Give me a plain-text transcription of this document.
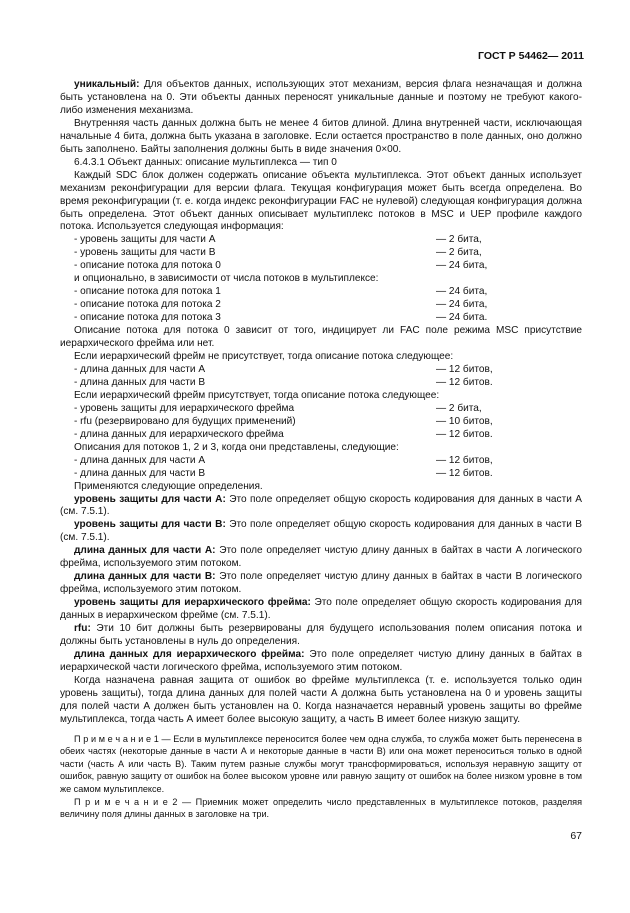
ГОСТ Р 54462— 2011

уникальный: Для объектов данных, использующих этот механизм, версия флага незначащая и должна быть установлена на 0. Эти объекты данных переносят уникальные данные и поэтому не требуют какого-либо изменения механизма.

Внутренняя часть данных должна быть не менее 4 битов длиной. Длина внутренней части, исключающая начальные 4 бита, должна быть указана в заголовке. Если остается пространство в поле данных, оно должно быть заполнено. Байты заполнения должны быть в виде значения 0×00.

6.4.3.1 Объект данных: описание мультиплекса — тип 0

Каждый SDC блок должен содержать описание объекта мультиплекса. Этот объект данных использует механизм реконфигурации для версии флага. Текущая конфигурация может быть всегда определена. Во время реконфигурации (т. е. когда индекс реконфигурации FAC не нулевой) следующая конфигурация должна быть определена. Этот объект данных описывает мультиплекс потоков в MSC и UEP профиле каждого потока. Используется следующая информация:

- уровень защиты для части А	— 2 бита,
- уровень защиты для части В	— 2 бита,
- описание потока для потока 0	— 24 бита,

и опционально, в зависимости от числа потоков в мультиплексе:

- описание потока для потока 1	— 24 бита,
- описание потока для потока 2	— 24 бита,
- описание потока для потока 3	— 24 бита.

Описание потока для потока 0 зависит от того, индицирует ли FAC поле режима MSC присутствие иерархического фрейма или нет.

Если иерархический фрейм не присутствует, тогда описание потока следующее:

- длина данных для части А	— 12 битов,
- длина данных для части В	— 12 битов.

Если иерархический фрейм присутствует, тогда описание потока следующее:

- уровень защиты для иерархического фрейма	— 2 бита,
- rfu (резервировано для будущих применений)	— 10 битов,
- длина данных для иерархического фрейма	— 12 битов.

Описания для потоков 1, 2 и 3, когда они представлены, следующие:

- длина данных для части А	— 12 битов,
- длина данных для части В	— 12 битов.

Применяются следующие определения.

уровень защиты для части А: Это поле определяет общую скорость кодирования для данных в части А (см. 7.5.1).

уровень защиты для части В: Это поле определяет общую скорость кодирования для данных в части В (см. 7.5.1).

длина данных для части А: Это поле определяет чистую длину данных в байтах в части А логического фрейма, используемого этим потоком.

длина данных для части В: Это поле определяет чистую длину данных в байтах в части В логического фрейма, используемого этим потоком.

уровень защиты для иерархического фрейма: Это поле определяет общую скорость кодирования для данных в иерархическом фрейме (см. 7.5.1).

rfu: Эти 10 бит должны быть резервированы для будущего использования полем описания потока и должны быть установлены в нуль до определения.

длина данных для иерархического фрейма: Это поле определяет чистую длину данных в байтах в иерархической части логического фрейма, используемого этим потоком.

Когда назначена равная защита от ошибок во фрейме мультиплекса (т. е. используется только один уровень защиты), тогда длина данных для полей части А должна быть установлена на 0 и уровень защиты для полей части А должен быть установлен на 0. Когда назначается неравный уровень защиты во фрейме мультиплекса, тогда часть А имеет более высокую защиту, а часть В имеет более низкую защиту.

П р и м е ч а н и е 1 — Если в мультиплексе переносится более чем одна служба, то служба может быть перенесена в обеих частях (некоторые данные в части А и некоторые данные в части В) или она может переноситься только в одной части (часть А или часть В). Таким путем разные службы могут трансформироваться, используя неравную защиту от ошибок, равную защиту от ошибок на более высоком уровне или равную защиту от ошибок на более низком уровне в том же самом мультиплексе.

П р и м е ч а н и е 2 — Приемник может определить число представленных в мультиплексе потоков, разделяя величину поля длины данных в заголовке на три.

67
